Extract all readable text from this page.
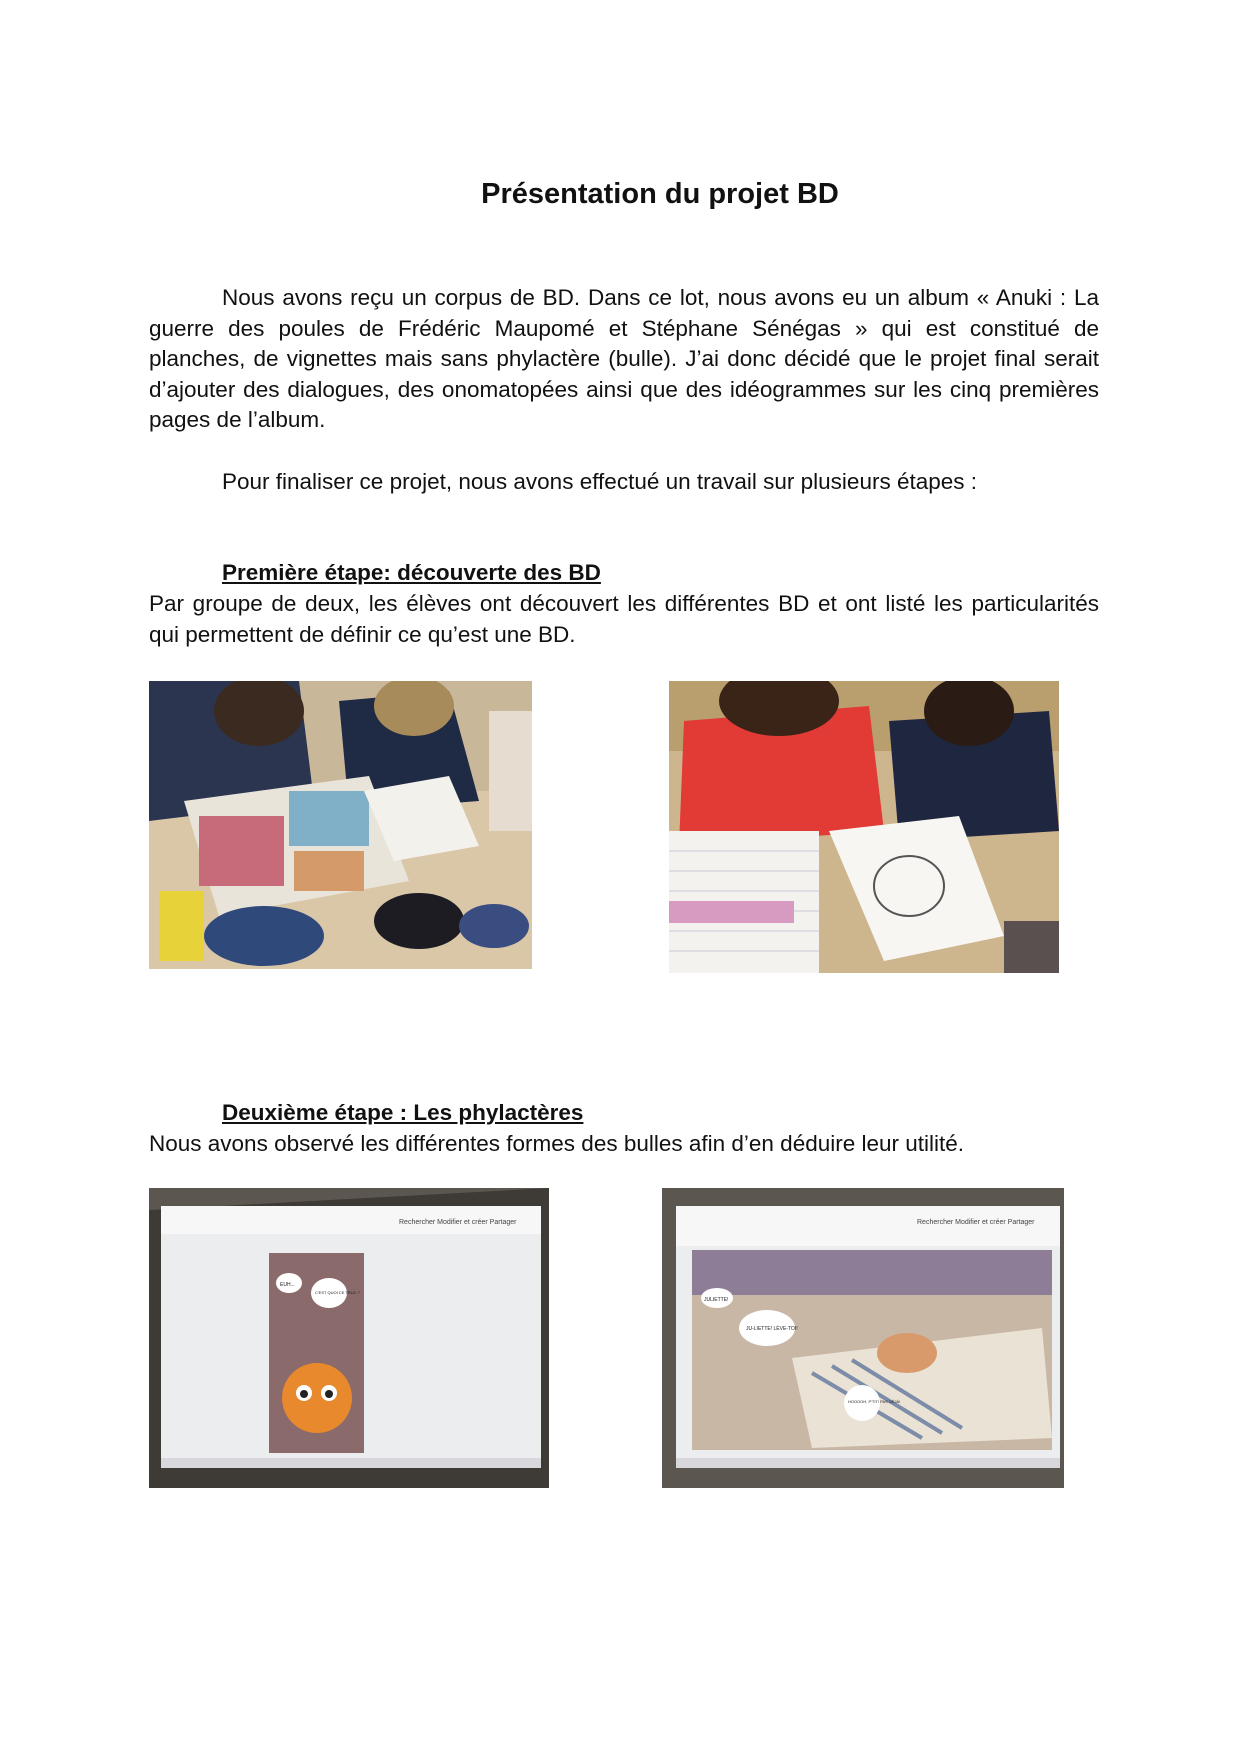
Présentation du projet BD
Nous avons reçu un corpus de BD. Dans ce lot, nous avons eu un album « Anuki : La guerre des poules de Frédéric Maupomé et Stéphane Sénégas » qui est constitué de planches, de vignettes mais sans phylactère (bulle). J’ai donc décidé que le projet final serait d’ajouter des dialogues, des onomatopées ainsi que des idéogrammes sur les cinq premières pages de l’album.
Pour finaliser ce projet, nous avons effectué un travail sur plusieurs étapes :
Première étape: découverte des BD
Par groupe de deux, les élèves ont découvert les différentes BD et ont listé les particularités qui permettent de définir ce qu’est une BD.
Deuxième étape : Les phylactères
Nous avons observé les différentes formes des bulles afin d’en déduire leur utilité.
Rechercher Modifier et créer Partager
EUH...
C'EST QUOI CE TRUC ?
Rechercher Modifier et créer Partager
JULIETTE!
JU-LIETTE! LÈVE-TOI!
HOOOOH, P'TIT! PAS DÉJÀ!
